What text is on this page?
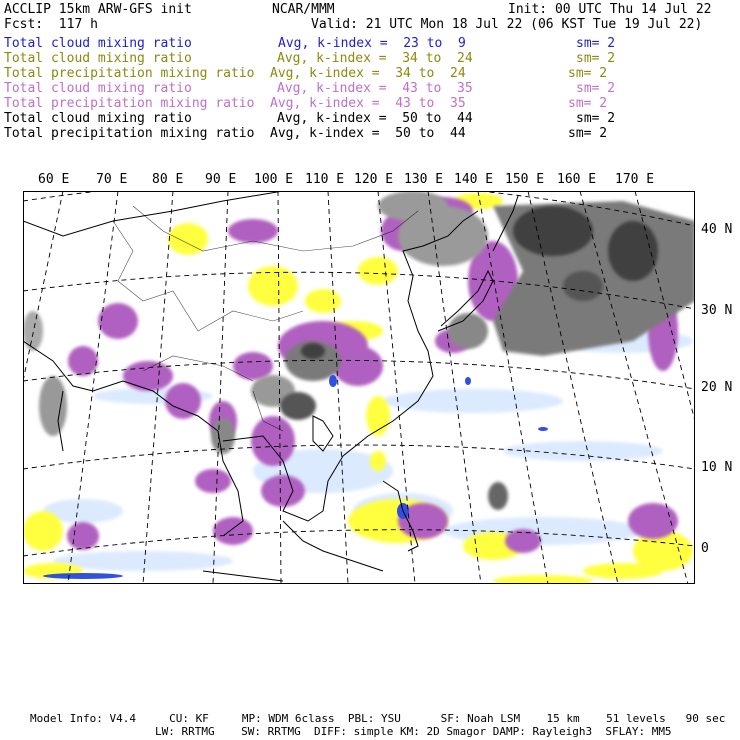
ACCLIP 15km ARW-GFS init	NCAR/MMM	Init: 00 UTC Thu 14 Jul 22
Fcst:  117 h	Valid: 21 UTC Mon 18 Jul 22 (06 KST Tue 19 Jul 22)
Total cloud mixing ratio	Avg, k-index =  23 to  9	sm= 2
Total cloud mixing ratio	Avg, k-index =  34 to  24	sm= 2
Total precipitation mixing ratio Avg, k-index =  34 to  24	sm= 2
Total cloud mixing ratio	Avg, k-index =  43 to  35	sm= 2
Total precipitation mixing ratio Avg, k-index =  43 to  35	sm= 2
Total cloud mixing ratio	Avg, k-index =  50 to  44	sm= 2
Total precipitation mixing ratio Avg, k-index =  50 to  44	sm= 2
60 E 70 E 80 E 90 E 100 E 110 E 120 E 130 E 140 E 150 E 160 E 170 E
40 N
30 N
20 N
10 N
0
Model Info: V4.4     CU: KF     MP: WDM 6class  PBL: YSU      SF: Noah LSM    15 km    51 levels   90 sec
LW: RRTMG    SW: RRTMG  DIFF: simple KM: 2D Smagor DAMP: Rayleigh3  SFLAY: MM5
